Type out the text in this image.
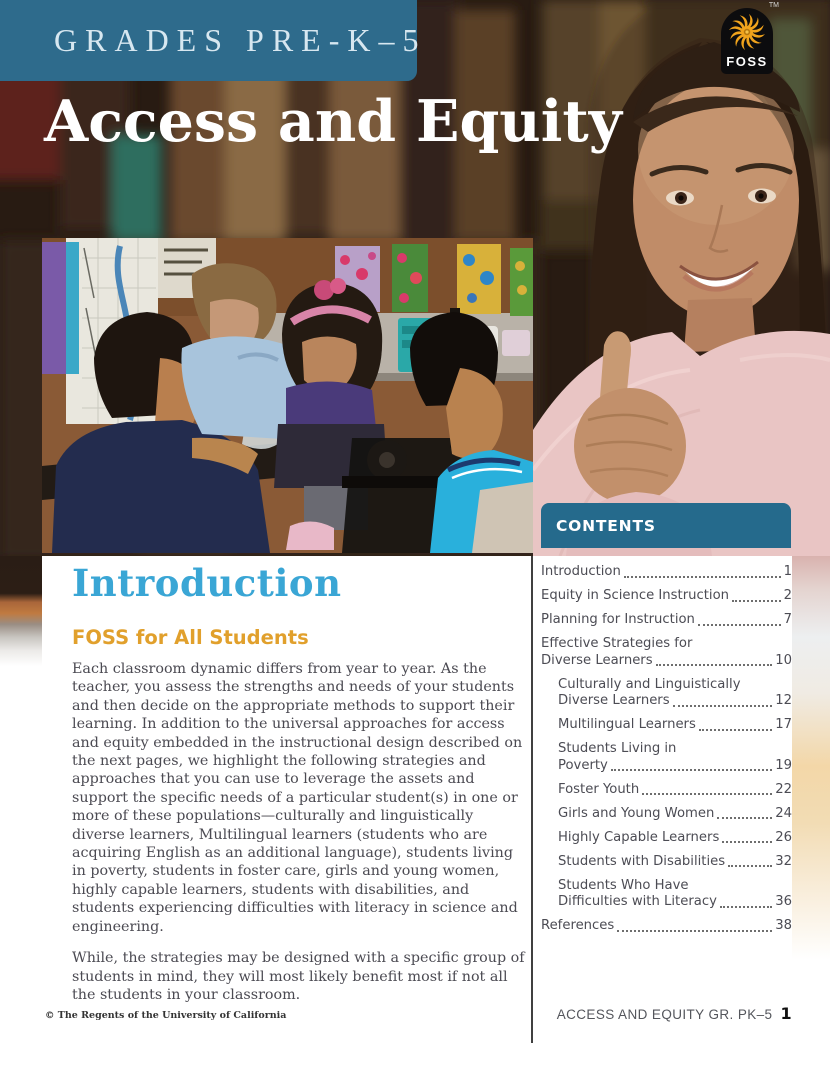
GRADES PRE-K–5
Access and Equity
FOSS
TM
Introduction
FOSS for All Students

Each classroom dynamic differs from year to year. As the teacher, you assess the strengths and needs of your students and then decide on the appropriate methods to support their learning. In addition to the universal approaches for access and equity embedded in the instructional design described on the next pages, we highlight the following strategies and approaches that you can use to leverage the assets and support the specific needs of a particular student(s) in one or more of these populations—culturally and linguistically diverse learners, Multilingual learners (students who are acquiring English as an additional language), students living in poverty, students in foster care, girls and young women, highly capable learners, students with disabilities, and students experiencing difficulties with literacy in science and engineering.

While, the strategies may be designed with a specific group of students in mind, they will most likely benefit most if not all the students in your classroom.

CONTENTS
Introduction	1
Equity in Science Instruction	2
Planning for Instruction	7
Effective Strategies for
Diverse Learners	10
Culturally and Linguistically
Diverse Learners	12
Multilingual Learners	17
Students Living in
Poverty	19
Foster Youth	22
Girls and Young Women	24
Highly Capable Learners	26
Students with Disabilities	32
Students Who Have
Difficulties with Literacy	36
References	38
© The Regents of the University of California	ACCESS AND EQUITY GR. PK–5 1
